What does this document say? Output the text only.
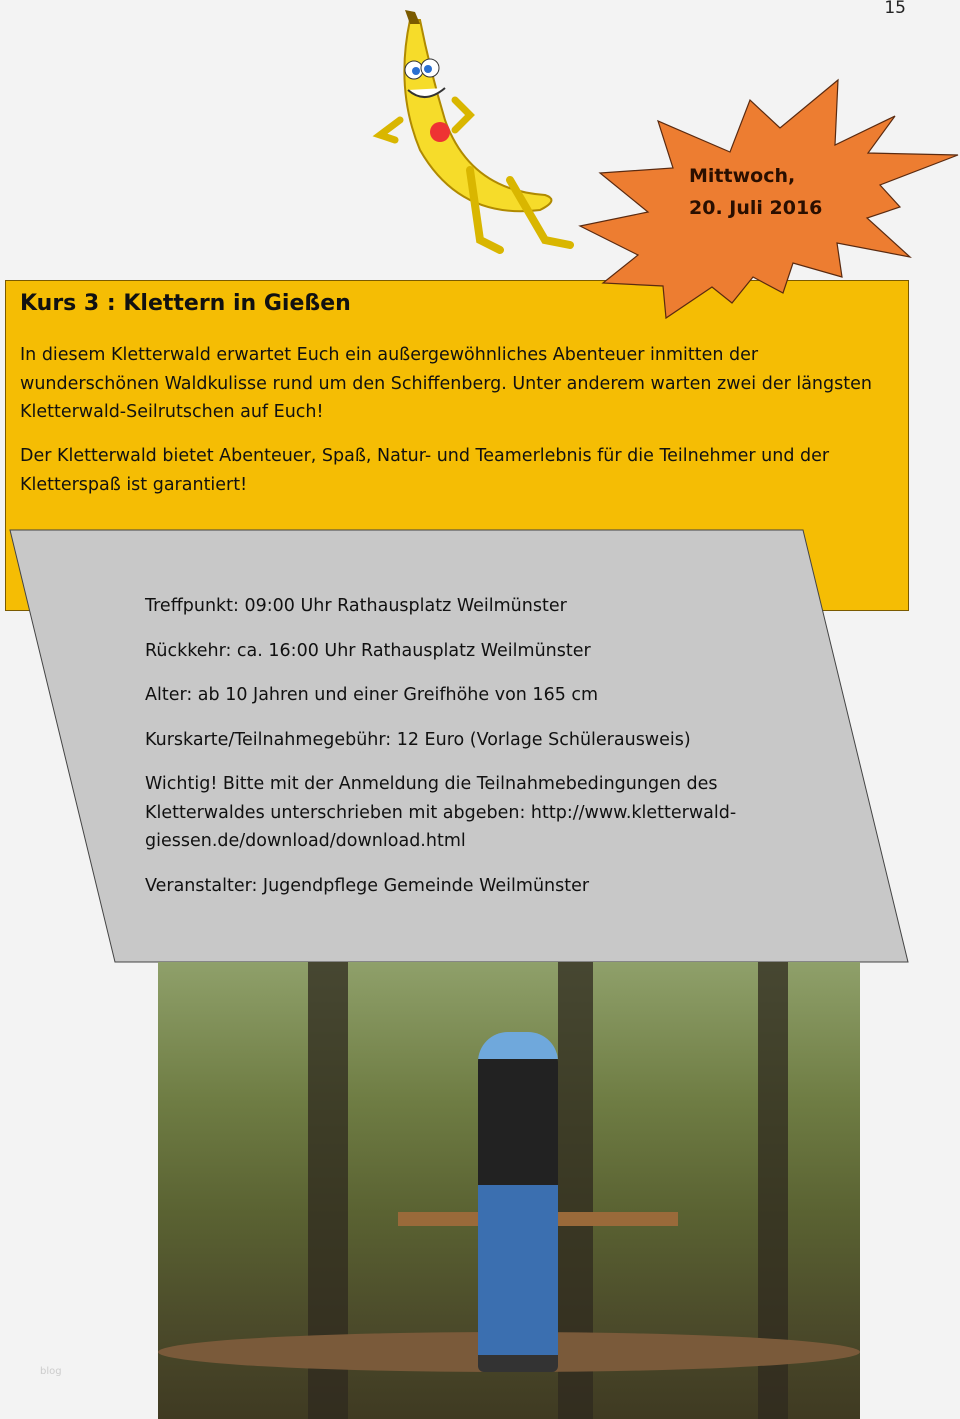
15
Kurs 3 : Klettern in Gießen

In diesem Kletterwald erwartet Euch ein außergewöhnliches Abenteuer inmitten der wunderschönen Waldkulisse rund um den Schiffenberg. Unter anderem warten zwei der längsten Kletterwald-Seilrutschen auf Euch!

Der Kletterwald bietet Abenteuer, Spaß, Natur- und Teamerlebnis für die Teilnehmer und der Kletterspaß ist garantiert!

Mittwoch,
20. Juli 2016
Treffpunkt: 09:00 Uhr Rathausplatz Weilmünster
Rückkehr: ca. 16:00 Uhr Rathausplatz Weilmünster
Alter: ab 10 Jahren und einer Greifhöhe von 165 cm
Kurskarte/Teilnahmegebühr: 12 Euro (Vorlage Schülerausweis)
Wichtig! Bitte mit der Anmeldung die Teilnahmebedingungen des Kletterwaldes unterschrieben mit abgeben: http://www.kletterwald-giessen.de/download/download.html
Veranstalter: Jugendpflege Gemeinde Weilmünster
blog
